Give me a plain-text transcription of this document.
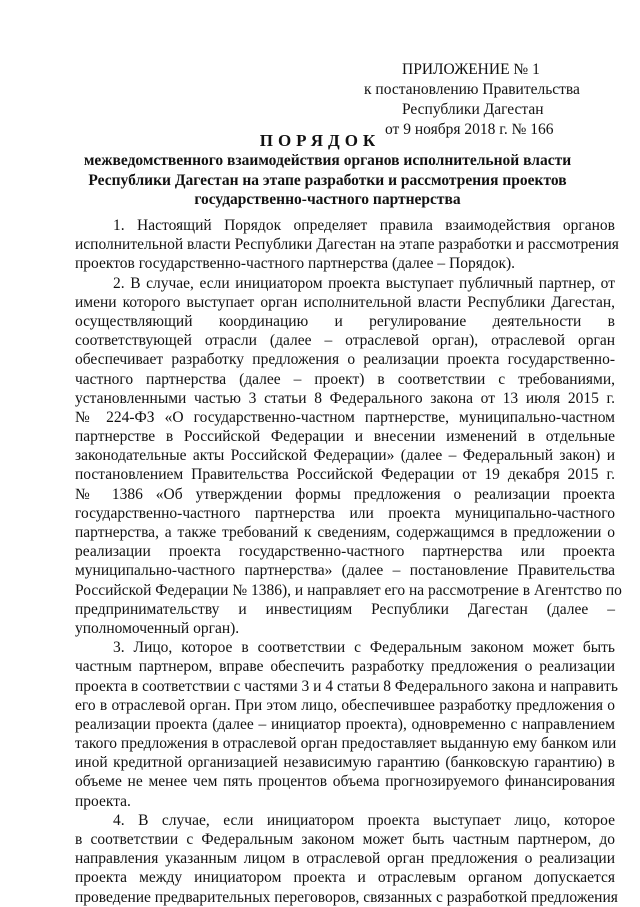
ПРИЛОЖЕНИЕ № 1
к постановлению Правительства
Республики Дагестан
от 9 ноября 2018 г. № 166
ПОРЯДОК
межведомственного взаимодействия органов исполнительной власти
Республики Дагестан на этапе разработки и рассмотрения проектов
государственно-частного партнерства
1. Настоящий Порядок определяет правила взаимодействия органов
исполнительной власти Республики Дагестан на этапе разработки и рассмотрения
проектов государственно-частного партнерства (далее – Порядок).
2. В случае, если инициатором проекта выступает публичный партнер, от
имени которого выступает орган исполнительной власти Республики Дагестан,
осуществляющий координацию и регулирование деятельности в
соответствующей отрасли (далее – отраслевой орган), отраслевой орган
обеспечивает разработку предложения о реализации проекта государственно-
частного партнерства (далее – проект) в соответствии с требованиями,
установленными частью 3 статьи 8 Федерального закона от 13 июля 2015 г.
№ 224-ФЗ «О государственно-частном партнерстве, муниципально-частном
партнерстве в Российской Федерации и внесении изменений в отдельные
законодательные акты Российской Федерации» (далее – Федеральный закон) и
постановлением Правительства Российской Федерации от 19 декабря 2015 г.
№ 1386 «Об утверждении формы предложения о реализации проекта
государственно-частного партнерства или проекта муниципально-частного
партнерства, а также требований к сведениям, содержащимся в предложении о
реализации проекта государственно-частного партнерства или проекта
муниципально-частного партнерства» (далее – постановление Правительства
Российской Федерации № 1386), и направляет его на рассмотрение в Агентство по
предпринимательству и инвестициям Республики Дагестан (далее –
уполномоченный орган).
3. Лицо, которое в соответствии с Федеральным законом может быть
частным партнером, вправе обеспечить разработку предложения о реализации
проекта в соответствии с частями 3 и 4 статьи 8 Федерального закона и направить
его в отраслевой орган. При этом лицо, обеспечившее разработку предложения о
реализации проекта (далее – инициатор проекта), одновременно с направлением
такого предложения в отраслевой орган предоставляет выданную ему банком или
иной кредитной организацией независимую гарантию (банковскую гарантию) в
объеме не менее чем пять процентов объема прогнозируемого финансирования
проекта.
4. В случае, если инициатором проекта выступает лицо, которое
в соответствии с Федеральным законом может быть частным партнером, до
направления указанным лицом в отраслевой орган предложения о реализации
проекта между инициатором проекта и отраслевым органом допускается
проведение предварительных переговоров, связанных с разработкой предложения
